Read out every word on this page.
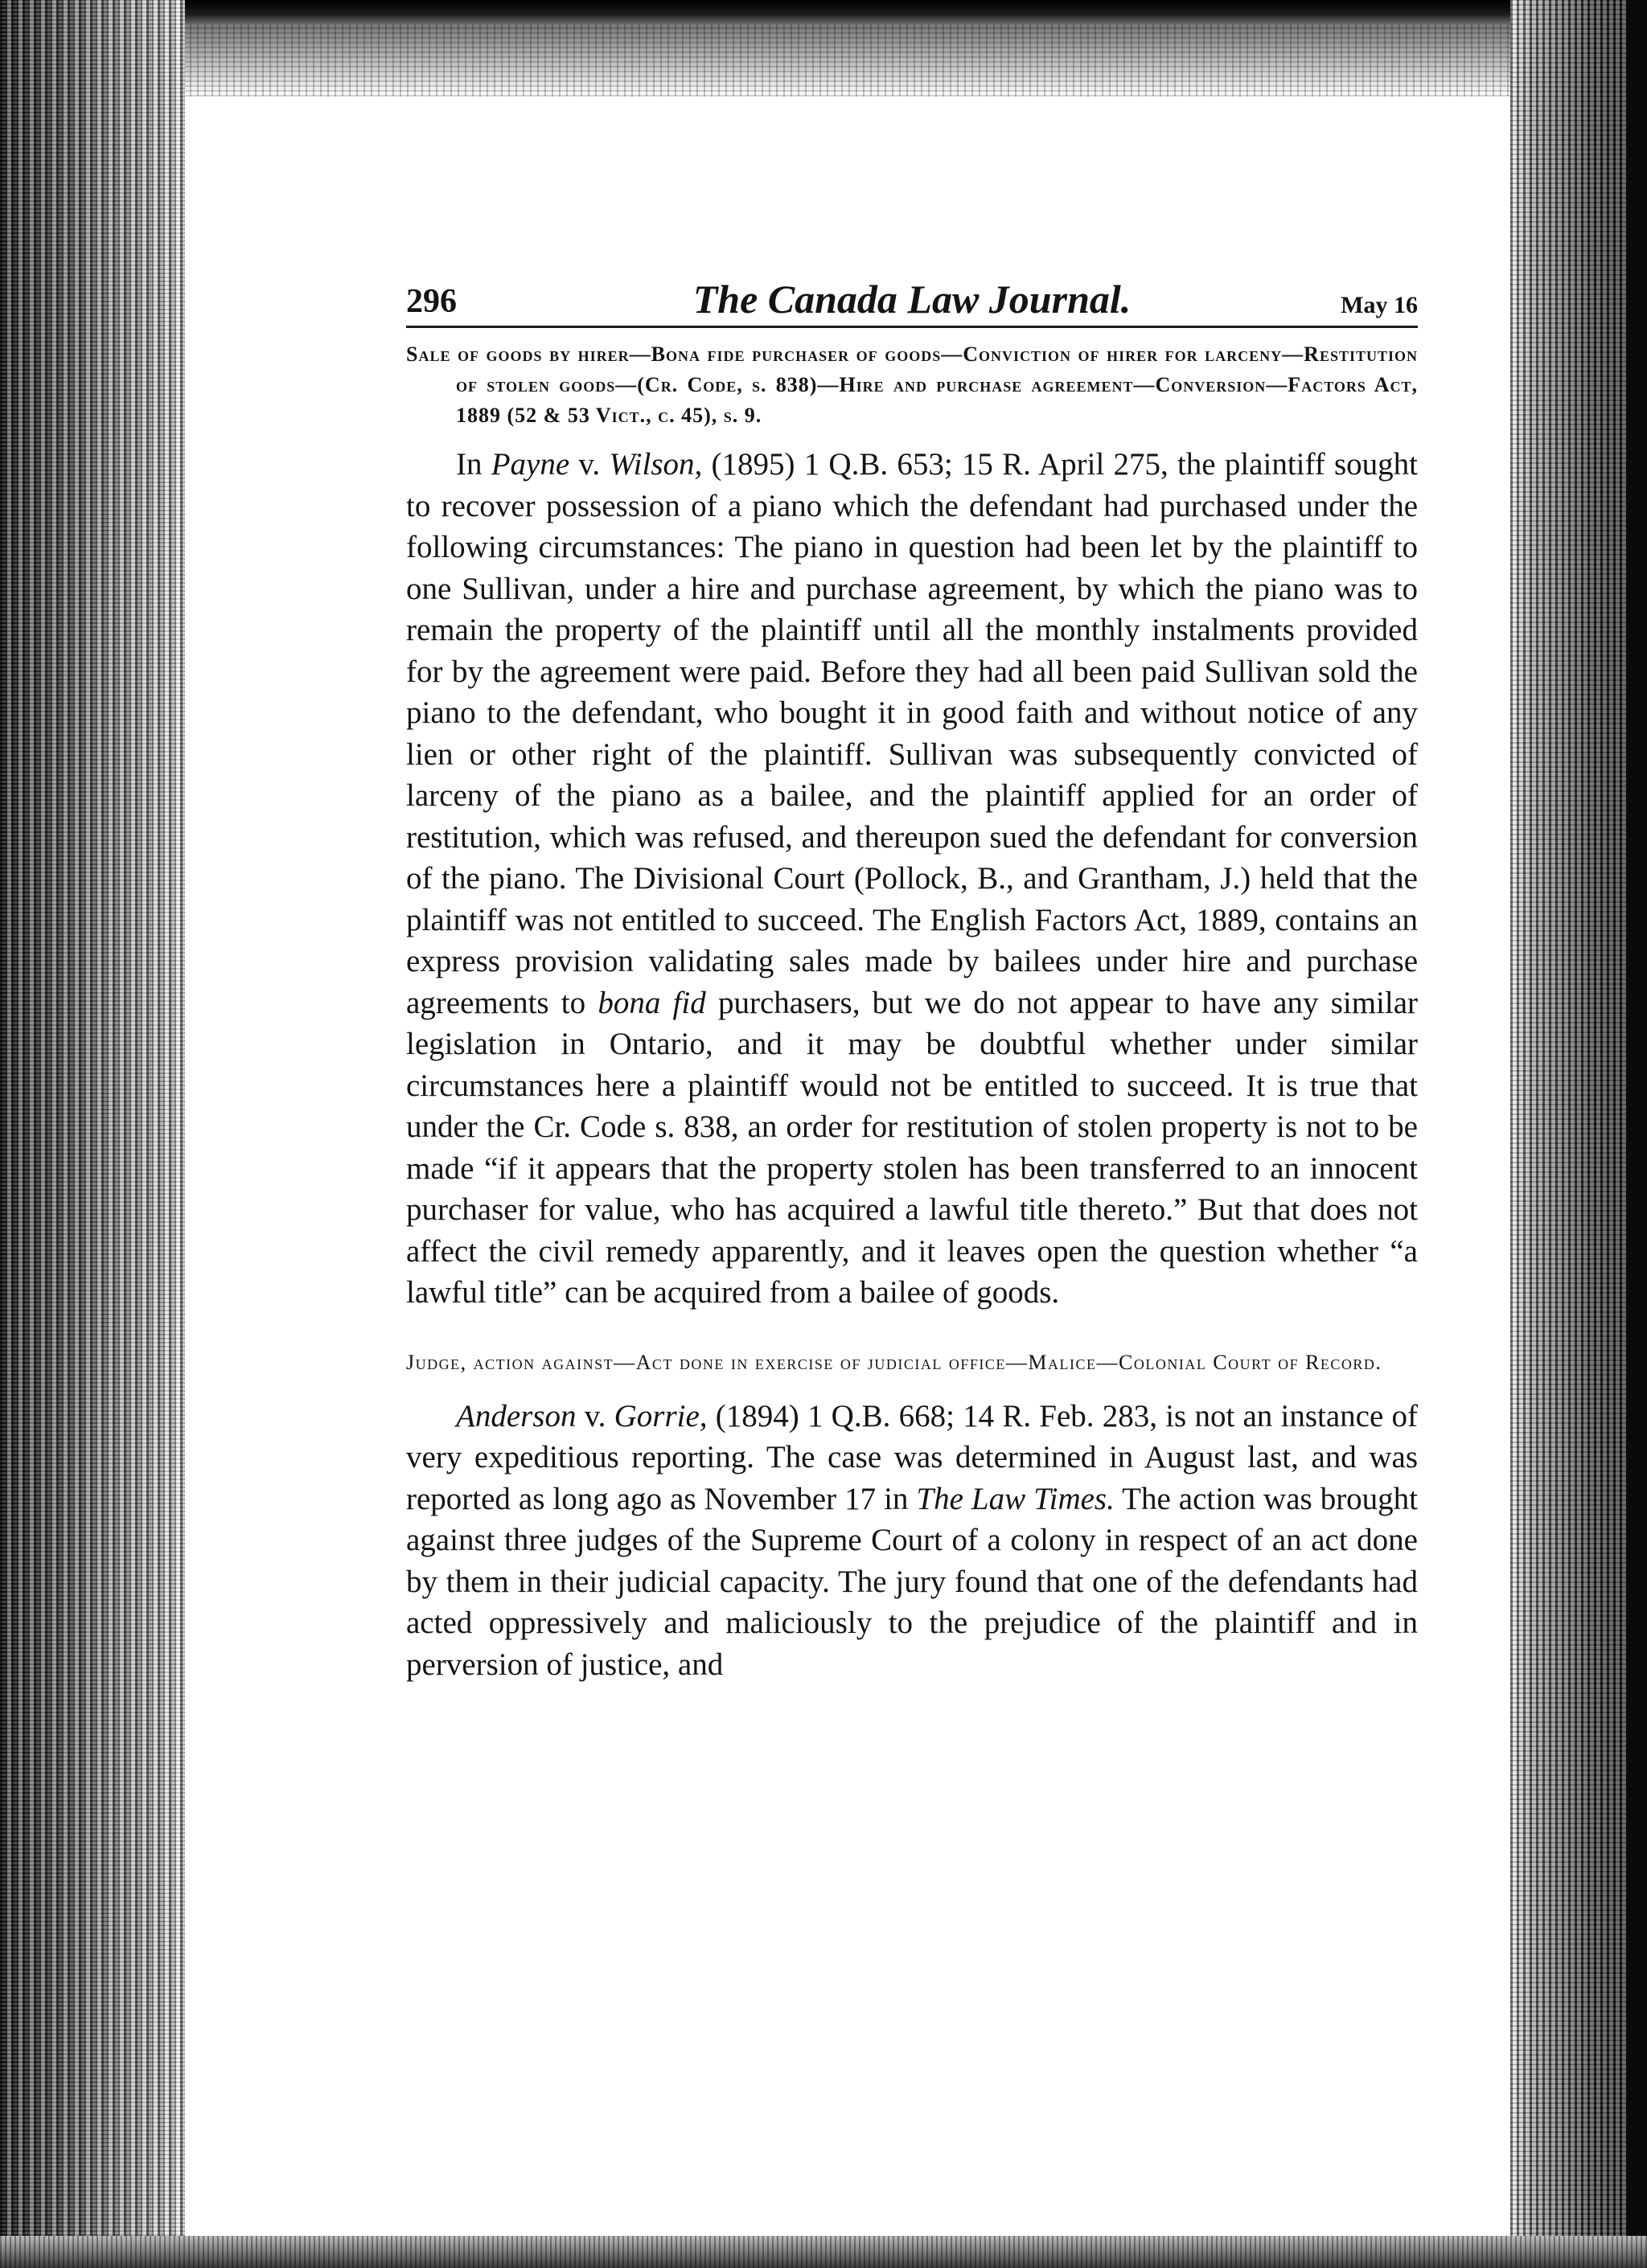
296	The Canada Law Journal.	May 16

Sale of goods by hirer—Bona fide purchaser of goods—Conviction of hirer for larceny—Restitution of stolen goods—(Cr. Code, s. 838)—Hire and purchase agreement—Conversion—Factors Act, 1889 (52 & 53 Vict., c. 45), s. 9.

In Payne v. Wilson, (1895) 1 Q.B. 653; 15 R. April 275, the plaintiff sought to recover possession of a piano which the defendant had purchased under the following circumstances: The piano in question had been let by the plaintiff to one Sullivan, under a hire and purchase agreement, by which the piano was to remain the property of the plaintiff until all the monthly instalments provided for by the agreement were paid. Before they had all been paid Sullivan sold the piano to the defendant, who bought it in good faith and without notice of any lien or other right of the plaintiff. Sullivan was subsequently convicted of larceny of the piano as a bailee, and the plaintiff applied for an order of restitution, which was refused, and thereupon sued the defendant for conversion of the piano. The Divisional Court (Pollock, B., and Grantham, J.) held that the plaintiff was not entitled to succeed. The English Factors Act, 1889, contains an express provision validating sales made by bailees under hire and purchase agreements to bona fid purchasers, but we do not appear to have any similar legislation in Ontario, and it may be doubtful whether under similar circumstances here a plaintiff would not be entitled to succeed. It is true that under the Cr. Code s. 838, an order for restitution of stolen property is not to be made “if it appears that the property stolen has been transferred to an innocent purchaser for value, who has acquired a lawful title thereto.” But that does not affect the civil remedy apparently, and it leaves open the question whether “a lawful title” can be acquired from a bailee of goods.

Judge, action against—Act done in exercise of judicial office—Malice—Colonial Court of Record.

Anderson v. Gorrie, (1894) 1 Q.B. 668; 14 R. Feb. 283, is not an instance of very expeditious reporting. The case was determined in August last, and was reported as long ago as November 17 in The Law Times. The action was brought against three judges of the Supreme Court of a colony in respect of an act done by them in their judicial capacity. The jury found that one of the defendants had acted oppressively and maliciously to the prejudice of the plaintiff and in perversion of justice, and
